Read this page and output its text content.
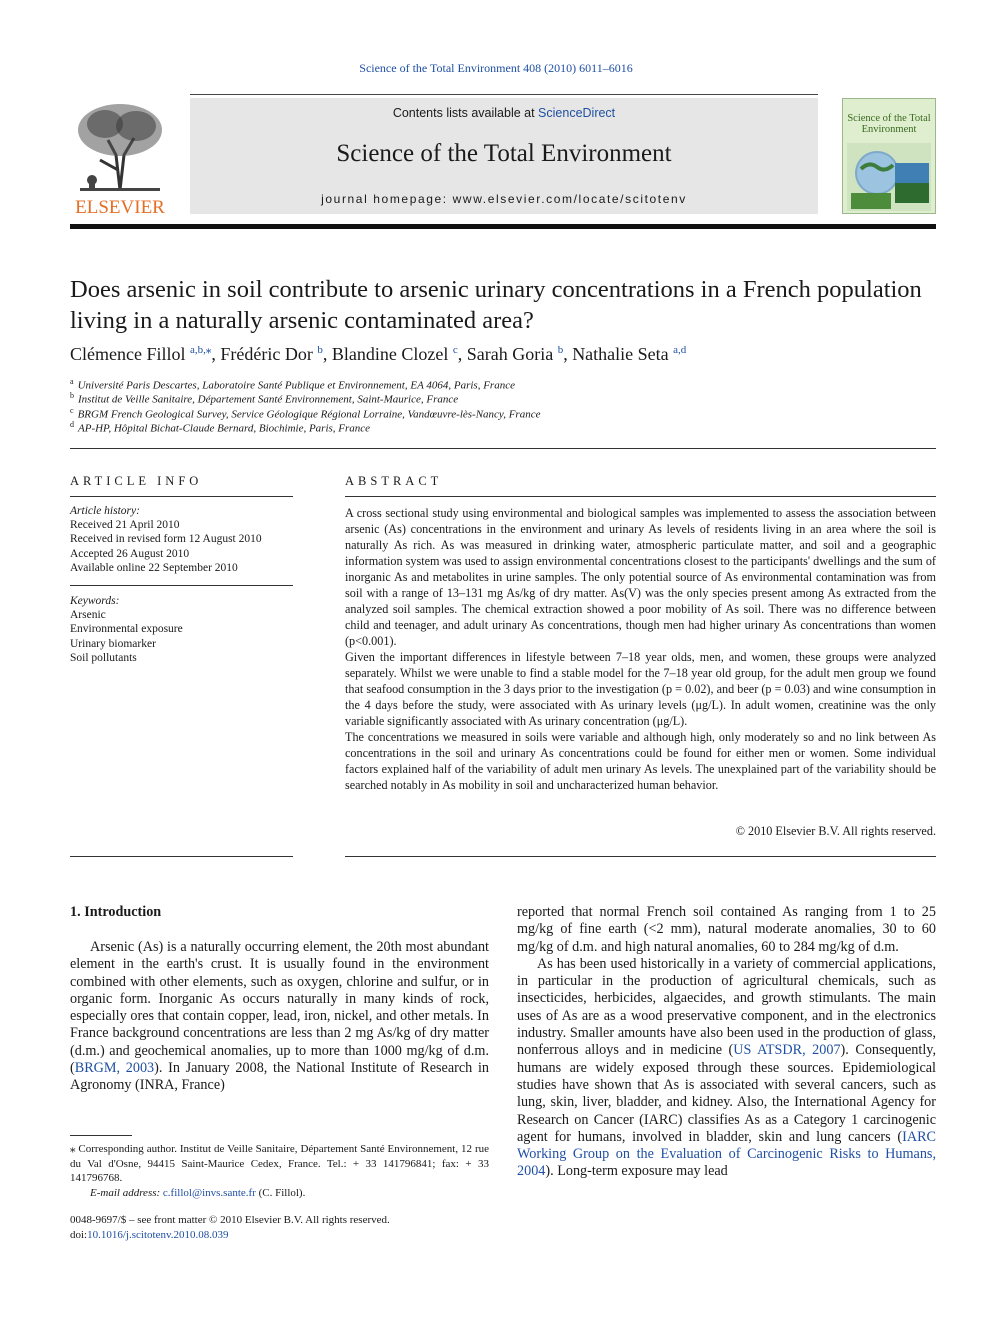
Science of the Total Environment 408 (2010) 6011–6016
ELSEVIER
Contents lists available at ScienceDirect
Science of the Total Environment
journal homepage: www.elsevier.com/locate/scitotenv
Science of the Total Environment
Does arsenic in soil contribute to arsenic urinary concentrations in a French population living in a naturally arsenic contaminated area?
Clémence Fillol $^{a,b,⁎}$, Frédéric Dor $^b$, Blandine Clozel $^c$, Sarah Goria $^b$, Nathalie Seta $^{a,d}$
$^a$ Université Paris Descartes, Laboratoire Santé Publique et Environnement, EA 4064, Paris, France
$^b$ Institut de Veille Sanitaire, Département Santé Environnement, Saint-Maurice, France
$^c$ BRGM French Geological Survey, Service Géologique Régional Lorraine, Vandœuvre-lès-Nancy, France
$^d$ AP-HP, Hôpital Bichat-Claude Bernard, Biochimie, Paris, France
ARTICLE INFO
Article history:
Received 21 April 2010
Received in revised form 12 August 2010
Accepted 26 August 2010
Available online 22 September 2010
Keywords:
Arsenic
Environmental exposure
Urinary biomarker
Soil pollutants
ABSTRACT

A cross sectional study using environmental and biological samples was implemented to assess the association between arsenic (As) concentrations in the environment and urinary As levels of residents living in an area where the soil is naturally As rich. As was measured in drinking water, atmospheric particulate matter, and soil and a geographic information system was used to assign environmental concentrations closest to the participants' dwellings and the sum of inorganic As and metabolites in urine samples. The only potential source of As environmental contamination was from soil with a range of 13–131 mg As/kg of dry matter. As(V) was the only species present among As extracted from the analyzed soil samples. The chemical extraction showed a poor mobility of As soil. There was no difference between child and teenager, and adult urinary As concentrations, though men had higher urinary As concentrations than women (p<0.001).

Given the important differences in lifestyle between 7–18 year olds, men, and women, these groups were analyzed separately. Whilst we were unable to find a stable model for the 7–18 year old group, for the adult men group we found that seafood consumption in the 3 days prior to the investigation (p = 0.02), and beer (p = 0.03) and wine consumption in the 4 days before the study, were associated with As urinary levels (μg/L). In adult women, creatinine was the only variable significantly associated with As urinary concentration (μg/L).

The concentrations we measured in soils were variable and although high, only moderately so and no link between As concentrations in the soil and urinary As concentrations could be found for either men or women. Some individual factors explained half of the variability of adult men urinary As levels. The unexplained part of the variability should be searched notably in As mobility in soil and uncharacterized human behavior.

© 2010 Elsevier B.V. All rights reserved.
1. Introduction

Arsenic (As) is a naturally occurring element, the 20th most abundant element in the earth's crust. It is usually found in the environment combined with other elements, such as oxygen, chlorine and sulfur, or in organic form. Inorganic As occurs naturally in many kinds of rock, especially ores that contain copper, lead, iron, nickel, and other metals. In France background concentrations are less than 2 mg As/kg of dry matter (d.m.) and geochemical anomalies, up to more than 1000 mg/kg of d.m. (BRGM, 2003). In January 2008, the National Institute of Research in Agronomy (INRA, France)

reported that normal French soil contained As ranging from 1 to 25 mg/kg of fine earth (<2 mm), natural moderate anomalies, 30 to 60 mg/kg of d.m. and high natural anomalies, 60 to 284 mg/kg of d.m.

As has been used historically in a variety of commercial applications, in particular in the production of agricultural chemicals, such as insecticides, herbicides, algaecides, and growth stimulants. The main uses of As are as a wood preservative component, and in the electronics industry. Smaller amounts have also been used in the production of glass, nonferrous alloys and in medicine (US ATSDR, 2007). Consequently, humans are widely exposed through these sources. Epidemiological studies have shown that As is associated with several cancers, such as lung, skin, liver, bladder, and kidney. Also, the International Agency for Research on Cancer (IARC) classifies As as a Category 1 carcinogenic agent for humans, involved in bladder, skin and lung cancers (IARC Working Group on the Evaluation of Carcinogenic Risks to Humans, 2004). Long-term exposure may lead

⁎ Corresponding author. Institut de Veille Sanitaire, Département Santé Environnement, 12 rue du Val d'Osne, 94415 Saint-Maurice Cedex, France. Tel.: + 33 141796841; fax: + 33 141796768.

E-mail address: c.fillol@invs.sante.fr (C. Fillol).

0048-9697/$ – see front matter © 2010 Elsevier B.V. All rights reserved.
doi:10.1016/j.scitotenv.2010.08.039
